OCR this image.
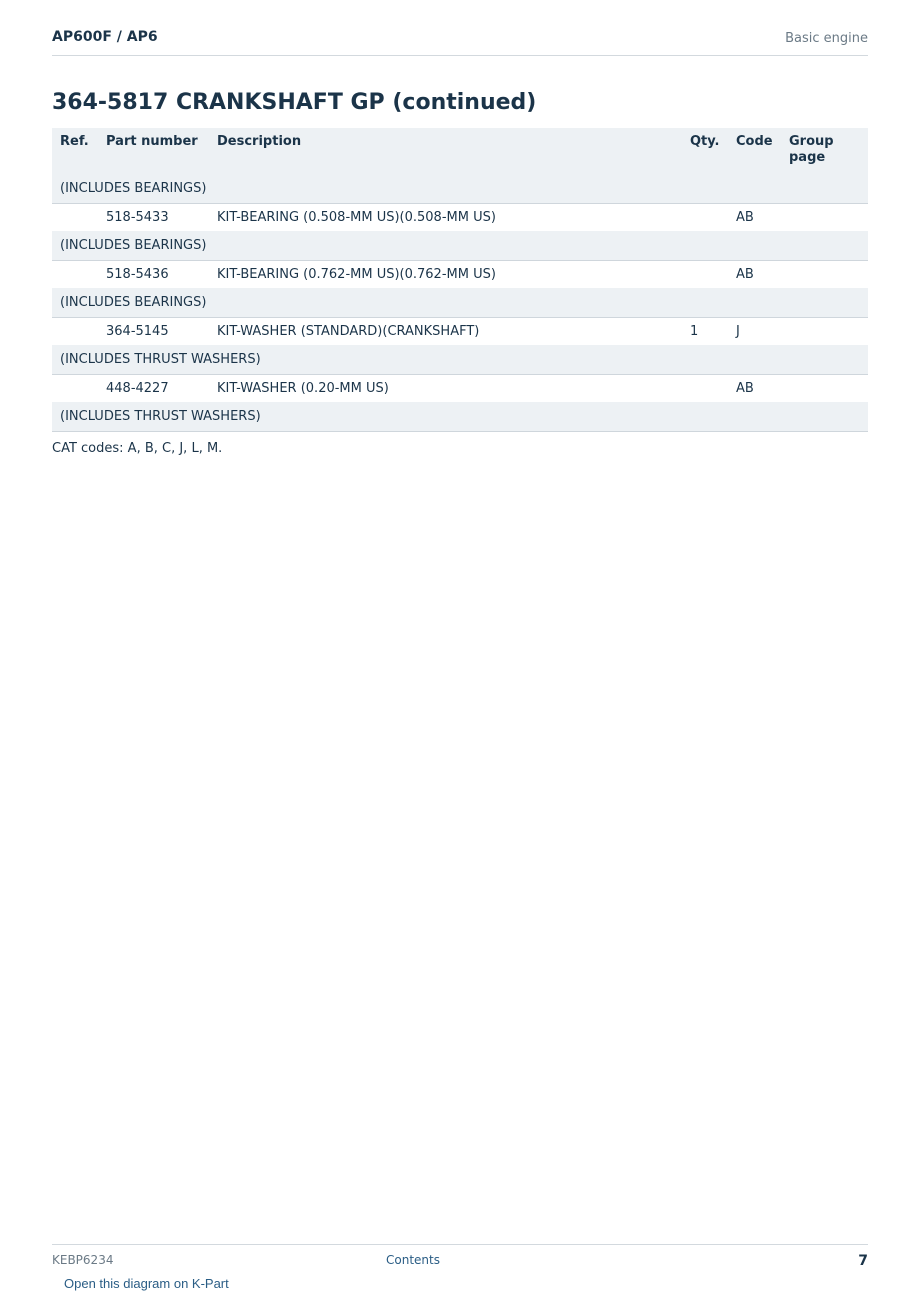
AP600F / AP6	Basic engine
364-5817 CRANKSHAFT GP (continued)
Ref.	Part number	Description	Qty.	Code	Group page
(INCLUDES BEARINGS)					
	518-5433	KIT-BEARING (0.508-MM US)(0.508-MM US)		AB	
(INCLUDES BEARINGS)					
	518-5436	KIT-BEARING (0.762-MM US)(0.762-MM US)		AB	
(INCLUDES BEARINGS)					
	364-5145	KIT-WASHER (STANDARD)(CRANKSHAFT)	1	J	
(INCLUDES THRUST WASHERS)					
	448-4227	KIT-WASHER (0.20-MM US)		AB	
(INCLUDES THRUST WASHERS)					

CAT codes: A, B, C, J, L, M.

KEBP6234	Contents	7
Open this diagram on K-Part
